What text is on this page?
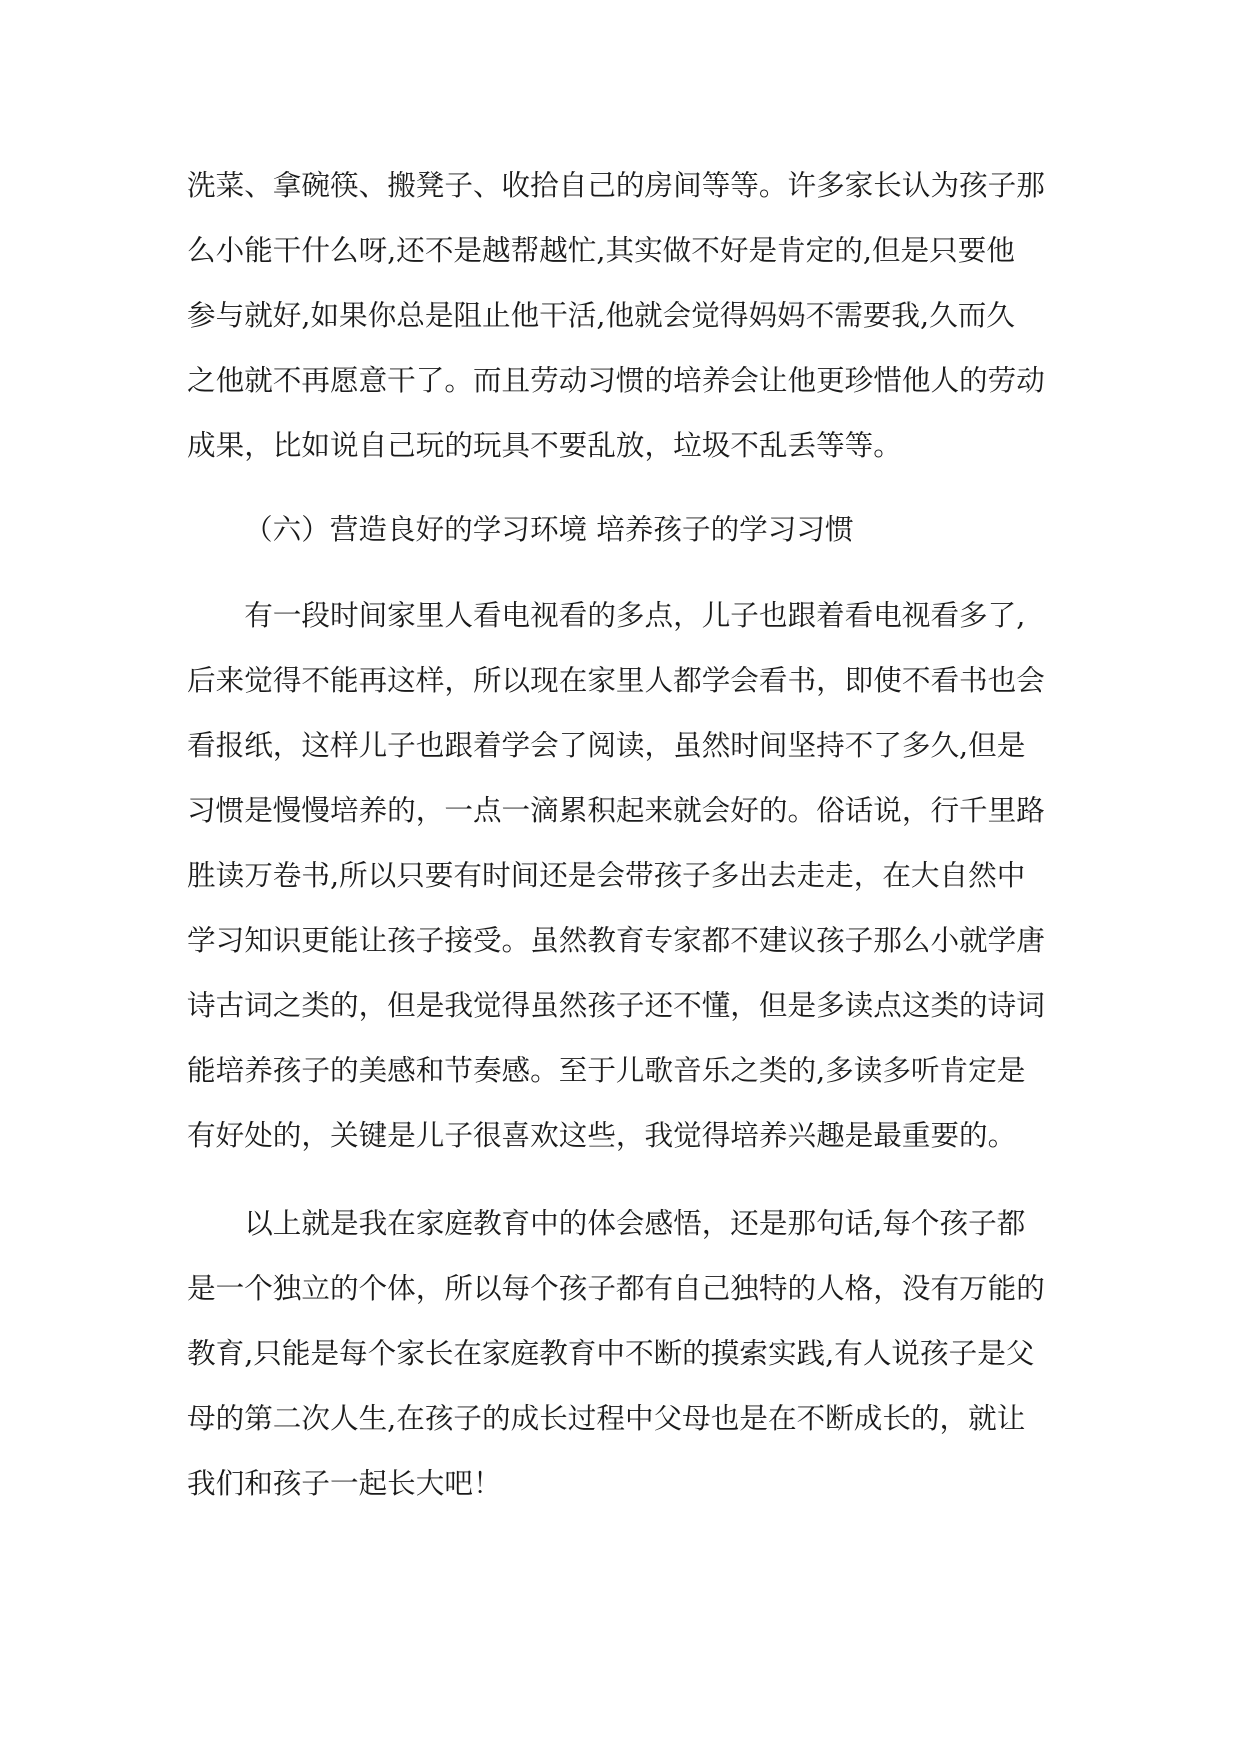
洗菜、拿碗筷、搬凳子、收拾自己的房间等等。许多家长认为孩子那
么小能干什么呀,还不是越帮越忙,其实做不好是肯定的,但是只要他
参与就好,如果你总是阻止他干活,他就会觉得妈妈不需要我,久而久
之他就不再愿意干了。而且劳动习惯的培养会让他更珍惜他人的劳动
成果，比如说自己玩的玩具不要乱放，垃圾不乱丢等等。
（六）营造良好的学习环境 培养孩子的学习习惯
　　有一段时间家里人看电视看的多点，儿子也跟着看电视看多了,
后来觉得不能再这样，所以现在家里人都学会看书，即使不看书也会
看报纸，这样儿子也跟着学会了阅读，虽然时间坚持不了多久,但是
习惯是慢慢培养的，一点一滴累积起来就会好的。俗话说，行千里路
胜读万卷书,所以只要有时间还是会带孩子多出去走走，在大自然中
学习知识更能让孩子接受。虽然教育专家都不建议孩子那么小就学唐
诗古词之类的，但是我觉得虽然孩子还不懂，但是多读点这类的诗词
能培养孩子的美感和节奏感。至于儿歌音乐之类的,多读多听肯定是
有好处的，关键是儿子很喜欢这些，我觉得培养兴趣是最重要的。
　　以上就是我在家庭教育中的体会感悟，还是那句话,每个孩子都
是一个独立的个体，所以每个孩子都有自己独特的人格，没有万能的
教育,只能是每个家长在家庭教育中不断的摸索实践,有人说孩子是父
母的第二次人生,在孩子的成长过程中父母也是在不断成长的，就让
我们和孩子一起长大吧！
